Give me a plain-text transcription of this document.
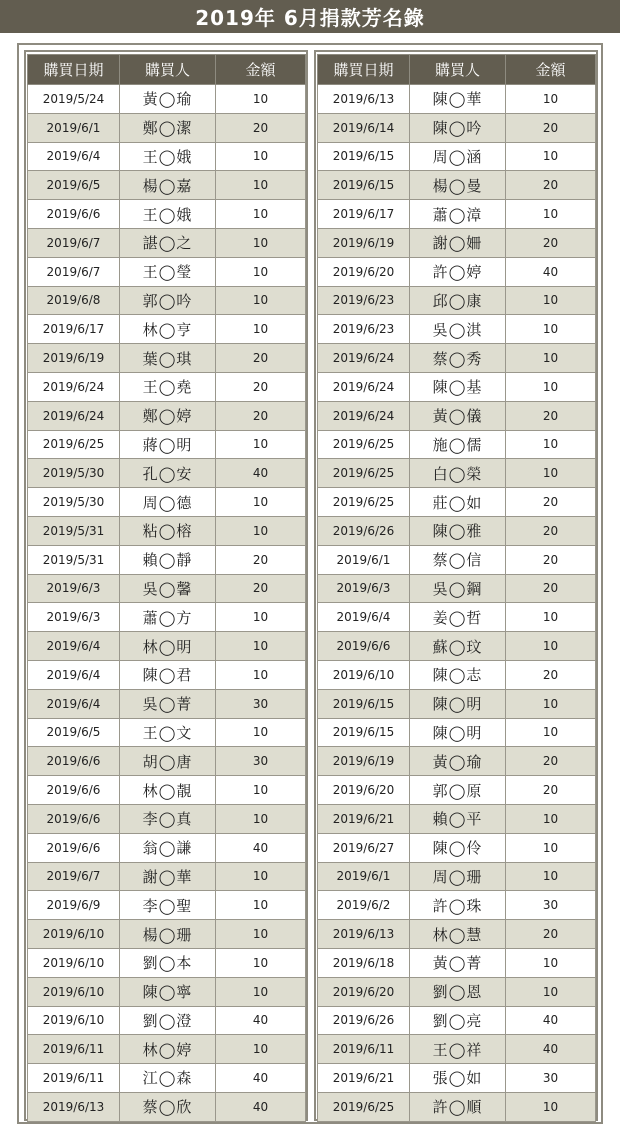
2019年 6月捐款芳名錄
購買日期	購買人	金額
2019/5/24	黃◯瑜	10
2019/6/1	鄭◯潔	20
2019/6/4	王◯娥	10
2019/6/5	楊◯嘉	10
2019/6/6	王◯娥	10
2019/6/7	諶◯之	10
2019/6/7	王◯瑩	10
2019/6/8	郭◯吟	10
2019/6/17	林◯亨	10
2019/6/19	葉◯琪	20
2019/6/24	王◯堯	20
2019/6/24	鄭◯婷	20
2019/6/25	蔣◯明	10
2019/5/30	孔◯安	40
2019/5/30	周◯德	10
2019/5/31	粘◯榕	10
2019/5/31	賴◯靜	20
2019/6/3	吳◯馨	20
2019/6/3	蕭◯方	10
2019/6/4	林◯明	10
2019/6/4	陳◯君	10
2019/6/4	吳◯菁	30
2019/6/5	王◯文	10
2019/6/6	胡◯唐	30
2019/6/6	林◯靚	10
2019/6/6	李◯真	10
2019/6/6	翁◯謙	40
2019/6/7	謝◯華	10
2019/6/9	李◯聖	10
2019/6/10	楊◯珊	10
2019/6/10	劉◯本	10
2019/6/10	陳◯寧	10
2019/6/10	劉◯澄	40
2019/6/11	林◯婷	10
2019/6/11	江◯森	40
2019/6/13	蔡◯欣	40
購買日期	購買人	金額
2019/6/13	陳◯華	10
2019/6/14	陳◯吟	20
2019/6/15	周◯涵	10
2019/6/15	楊◯曼	20
2019/6/17	蕭◯漳	10
2019/6/19	謝◯姍	20
2019/6/20	許◯婷	40
2019/6/23	邱◯康	10
2019/6/23	吳◯淇	10
2019/6/24	蔡◯秀	10
2019/6/24	陳◯基	10
2019/6/24	黃◯儀	20
2019/6/25	施◯儒	10
2019/6/25	白◯榮	10
2019/6/25	莊◯如	20
2019/6/26	陳◯雅	20
2019/6/1	蔡◯信	20
2019/6/3	吳◯鋼	20
2019/6/4	姜◯哲	10
2019/6/6	蘇◯玟	10
2019/6/10	陳◯志	20
2019/6/15	陳◯明	10
2019/6/15	陳◯明	10
2019/6/19	黃◯瑜	20
2019/6/20	郭◯原	20
2019/6/21	賴◯平	10
2019/6/27	陳◯伶	10
2019/6/1	周◯珊	10
2019/6/2	許◯珠	30
2019/6/13	林◯慧	20
2019/6/18	黃◯菁	10
2019/6/20	劉◯恩	10
2019/6/26	劉◯亮	40
2019/6/11	王◯祥	40
2019/6/21	張◯如	30
2019/6/25	許◯順	10
